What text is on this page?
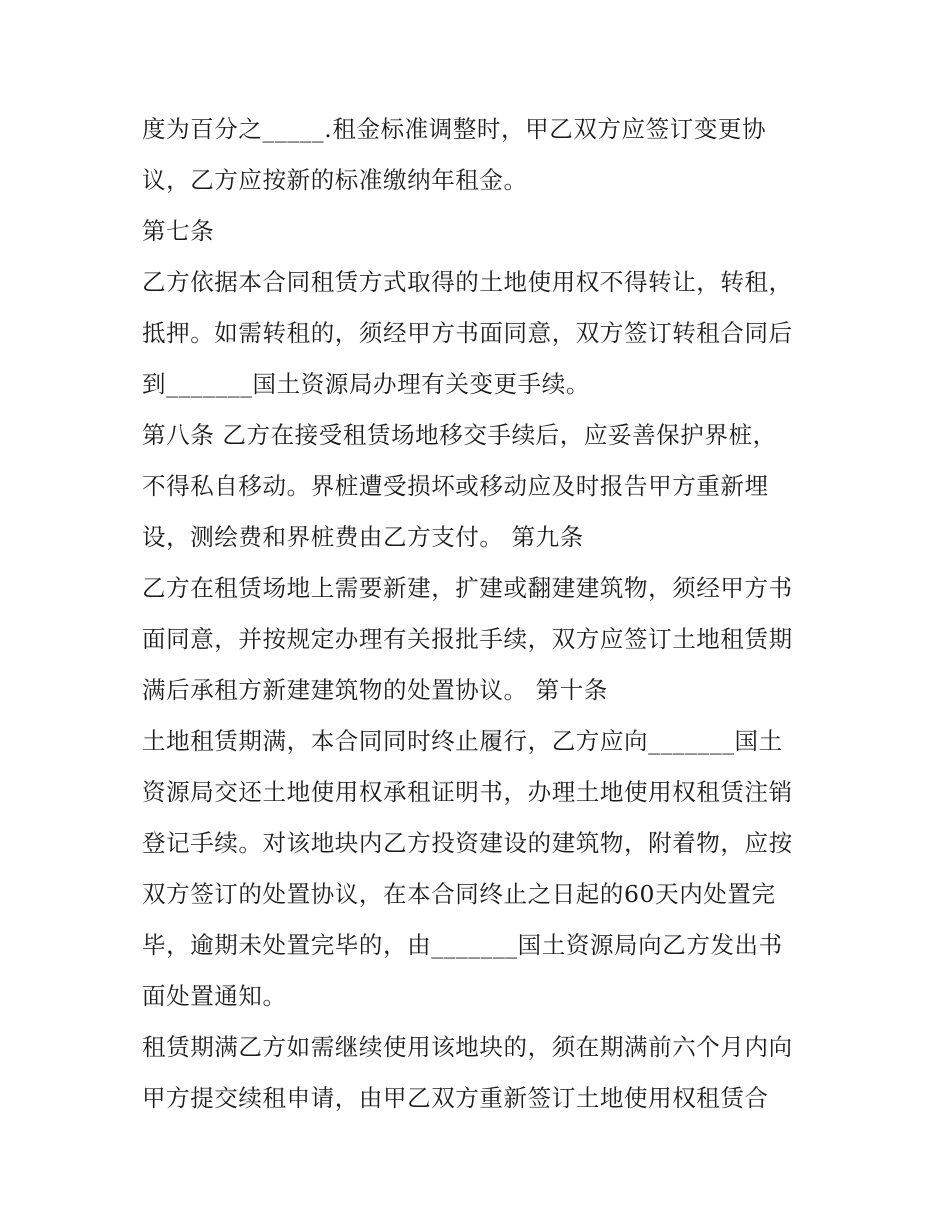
度为百分之_____.租金标准调整时，甲乙双方应签订变更协
议，乙方应按新的标准缴纳年租金。
第七条
乙方依据本合同租赁方式取得的土地使用权不得转让，转租，
抵押。如需转租的，须经甲方书面同意，双方签订转租合同后
到_______国土资源局办理有关变更手续。
第八条 乙方在接受租赁场地移交手续后，应妥善保护界桩，
不得私自移动。界桩遭受损坏或移动应及时报告甲方重新埋
设，测绘费和界桩费由乙方支付。 第九条
乙方在租赁场地上需要新建，扩建或翻建建筑物，须经甲方书
面同意，并按规定办理有关报批手续，双方应签订土地租赁期
满后承租方新建建筑物的处置协议。 第十条
土地租赁期满，本合同同时终止履行，乙方应向_______国土
资源局交还土地使用权承租证明书，办理土地使用权租赁注销
登记手续。对该地块内乙方投资建设的建筑物，附着物，应按
双方签订的处置协议，在本合同终止之日起的60天内处置完
毕，逾期未处置完毕的，由_______国土资源局向乙方发出书
面处置通知。
租赁期满乙方如需继续使用该地块的，须在期满前六个月内向
甲方提交续租申请，由甲乙双方重新签订土地使用权租赁合
